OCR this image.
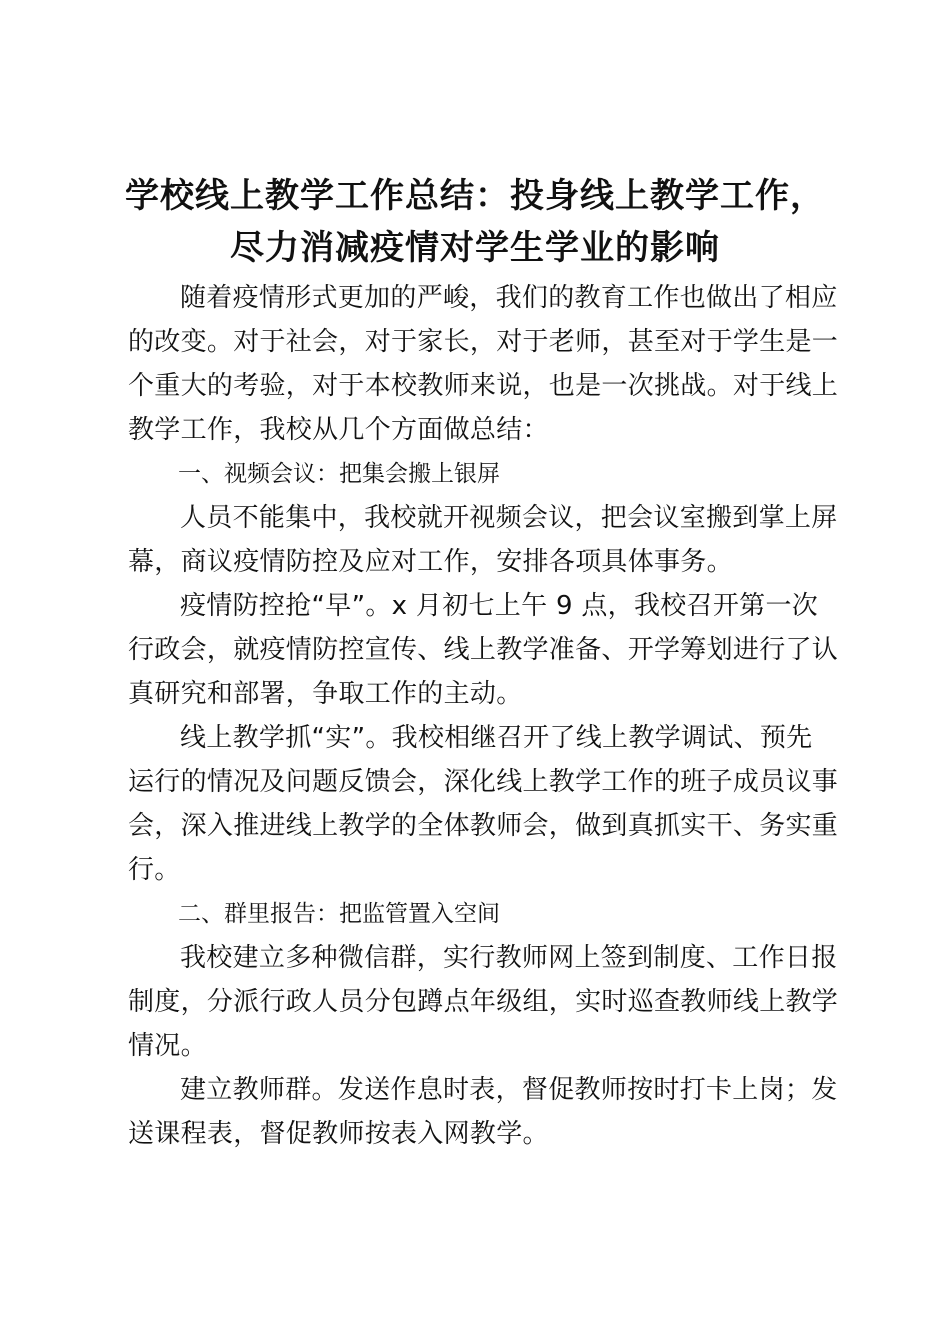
学校线上教学工作总结：投身线上教学工作，
尽力消减疫情对学生学业的影响

随着疫情形式更加的严峻，我们的教育工作也做出了相应
的改变。对于社会，对于家长，对于老师，甚至对于学生是一
个重大的考验，对于本校教师来说，也是一次挑战。对于线上
教学工作，我校从几个方面做总结：

一、视频会议：把集会搬上银屏

人员不能集中，我校就开视频会议，把会议室搬到掌上屏
幕，商议疫情防控及应对工作，安排各项具体事务。

疫情防控抢“早”。x 月初七上午 9 点，我校召开第一次
行政会，就疫情防控宣传、线上教学准备、开学筹划进行了认
真研究和部署，争取工作的主动。

线上教学抓“实”。我校相继召开了线上教学调试、预先
运行的情况及问题反馈会，深化线上教学工作的班子成员议事
会，深入推进线上教学的全体教师会，做到真抓实干、务实重
行。

二、群里报告：把监管置入空间

我校建立多种微信群，实行教师网上签到制度、工作日报
制度，分派行政人员分包蹲点年级组，实时巡查教师线上教学
情况。

建立教师群。发送作息时表，督促教师按时打卡上岗；发
送课程表，督促教师按表入网教学。
